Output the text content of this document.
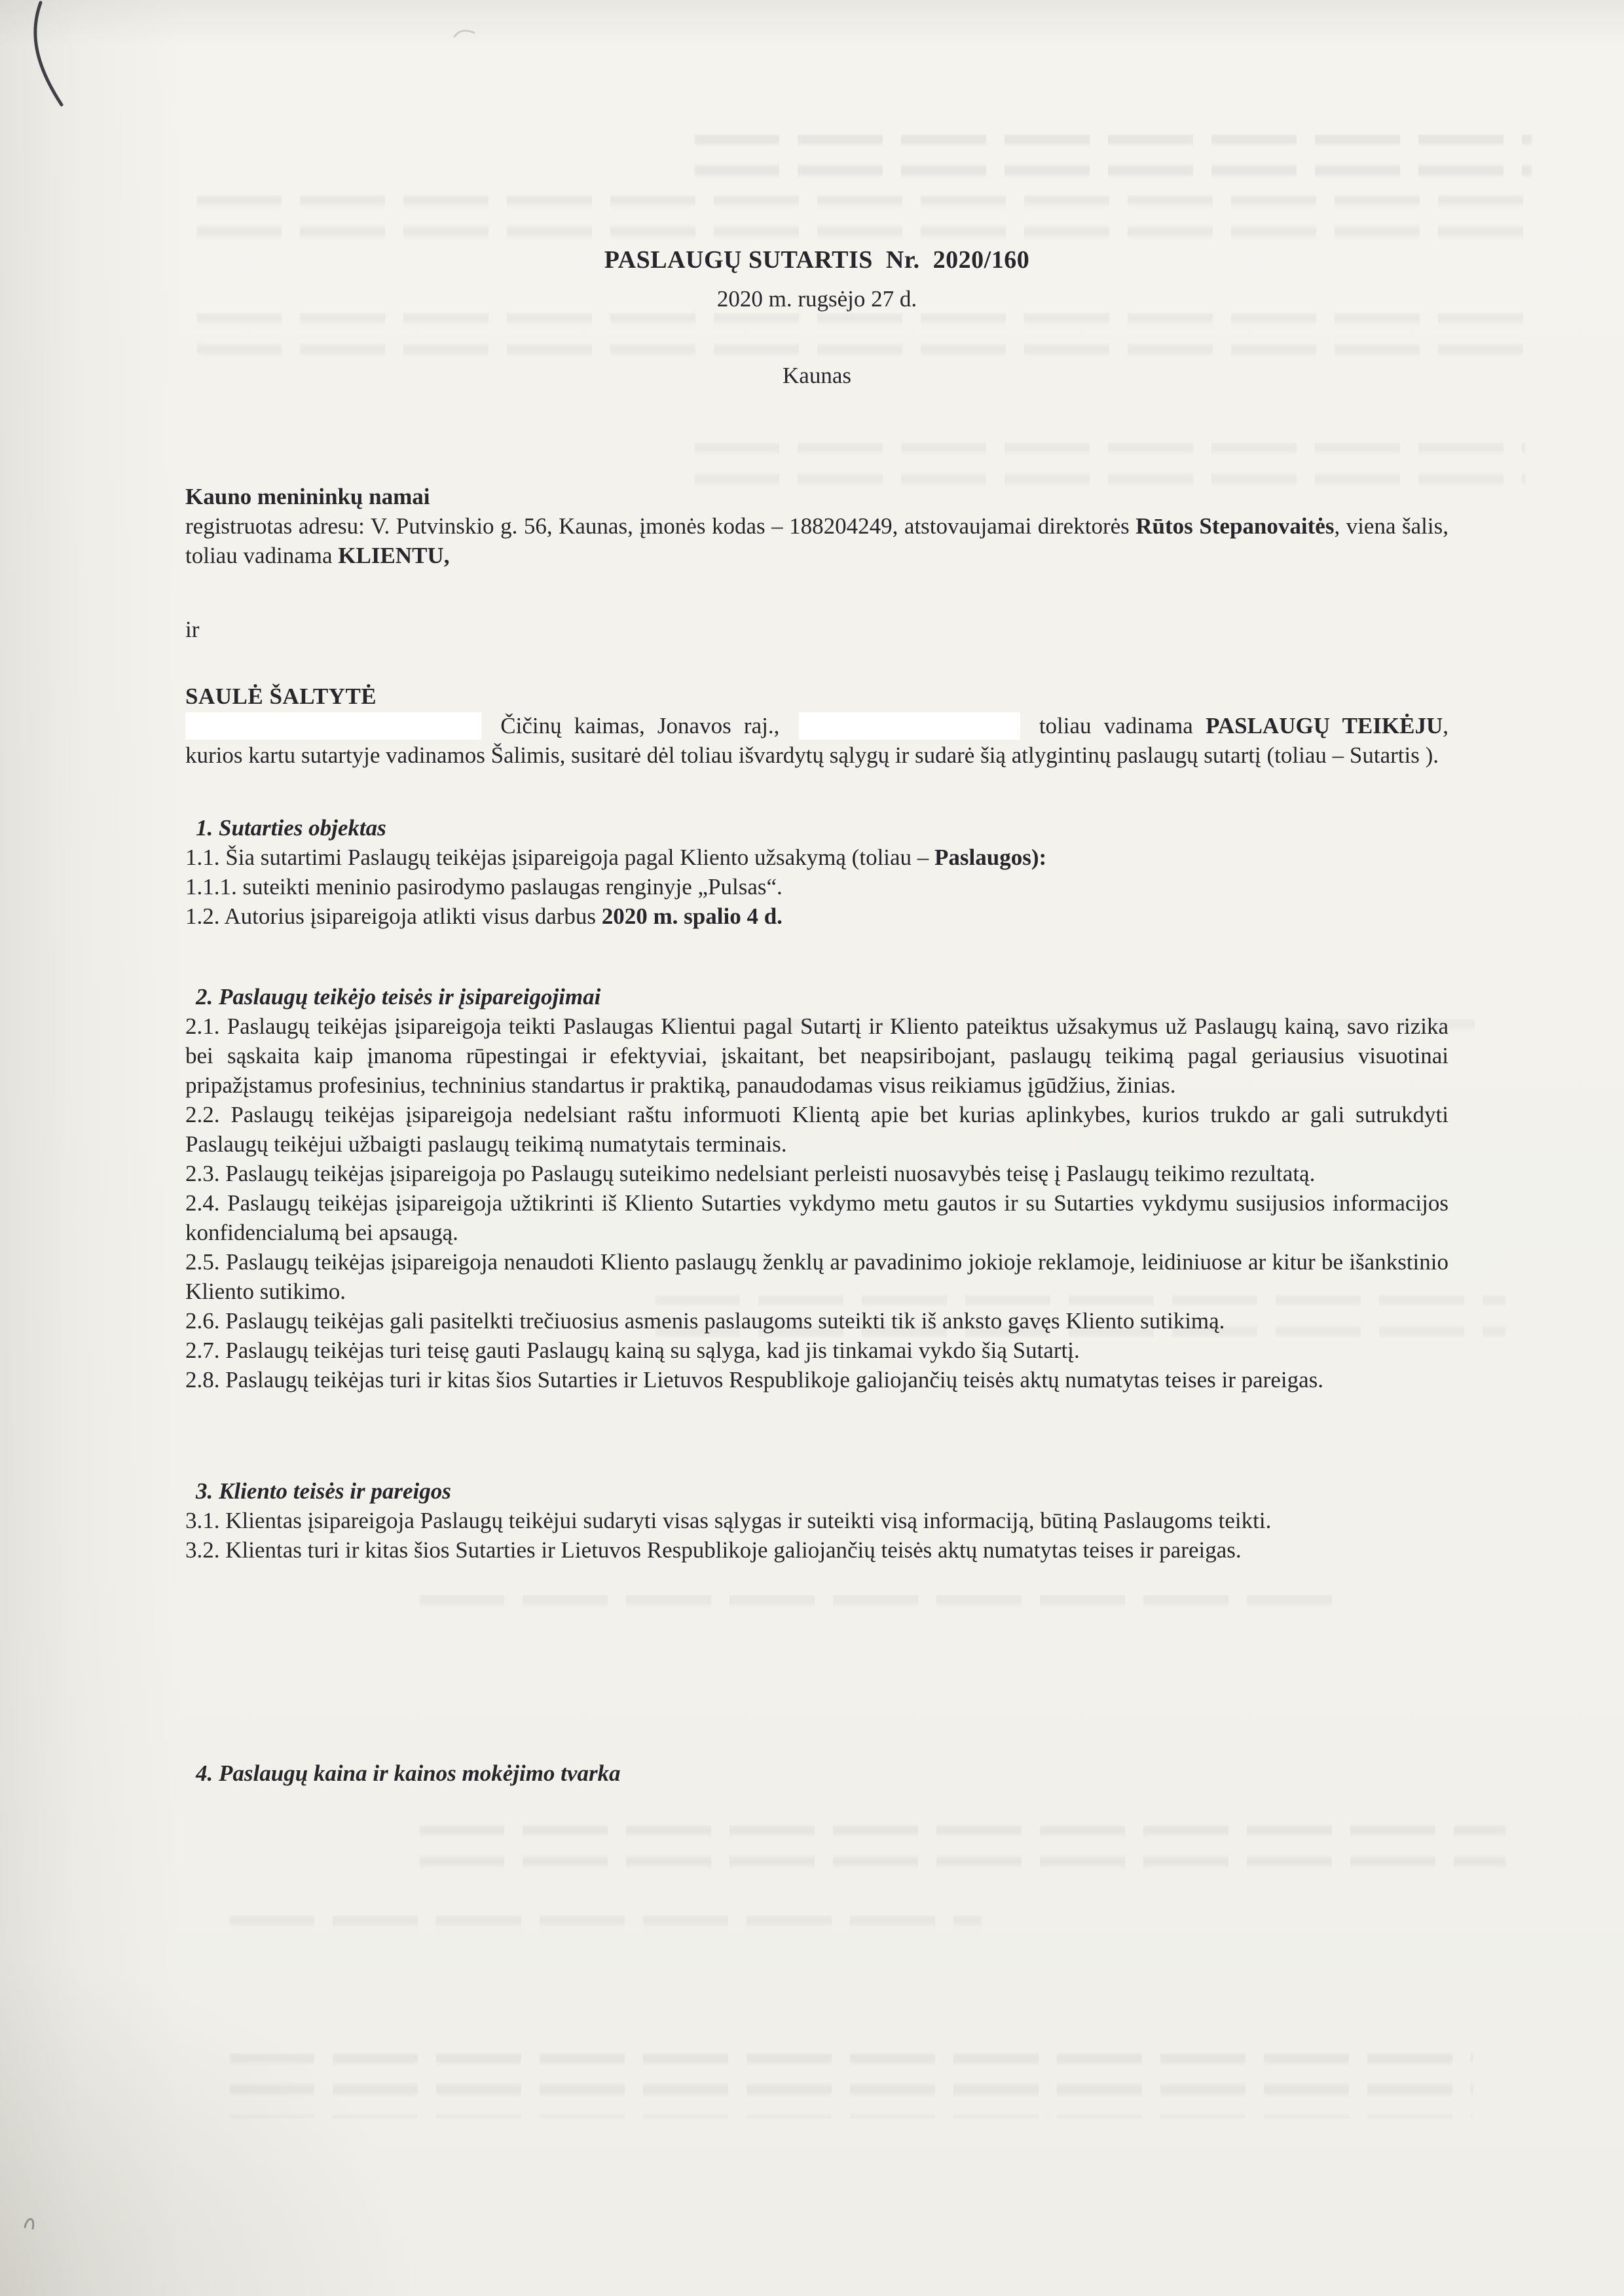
PASLAUGŲ SUTARTIS  Nr.  2020/160

2020 m. rugsėjo 27 d.

Kaunas

Kauno menininkų namai

registruotas adresu: V. Putvinskio g. 56, Kaunas, įmonės kodas – 188204249, atstovaujamai direktorės Rūtos Stepanovaitės, viena šalis, toliau vadinama KLIENTU,

ir

SAULĖ ŠALTYTĖ

Čičinų kaimas, Jonavos raj.,	toliau vadinama PASLAUGŲ TEIKĖJU, kurios kartu sutartyje vadinamos Šalimis, susitarė dėl toliau išvardytų sąlygų ir sudarė šią atlygintinų paslaugų sutartį (toliau – Sutartis ).

1. Sutarties objektas

1.1. Šia sutartimi Paslaugų teikėjas įsipareigoja pagal Kliento užsakymą (toliau – Paslaugos):

1.1.1. suteikti meninio pasirodymo paslaugas renginyje „Pulsas“.

1.2. Autorius įsipareigoja atlikti visus darbus 2020 m. spalio 4 d.

2. Paslaugų teikėjo teisės ir įsipareigojimai

2.1. Paslaugų teikėjas įsipareigoja teikti Paslaugas Klientui pagal Sutartį ir Kliento pateiktus užsakymus už Paslaugų kainą, savo rizika bei sąskaita kaip įmanoma rūpestingai ir efektyviai, įskaitant, bet neapsiribojant, paslaugų teikimą pagal geriausius visuotinai pripažįstamus profesinius, techninius standartus ir praktiką, panaudodamas visus reikiamus įgūdžius, žinias.

2.2. Paslaugų teikėjas įsipareigoja nedelsiant raštu informuoti Klientą apie bet kurias aplinkybes, kurios trukdo ar gali sutrukdyti Paslaugų teikėjui užbaigti paslaugų teikimą numatytais terminais.

2.3. Paslaugų teikėjas įsipareigoja po Paslaugų suteikimo nedelsiant perleisti nuosavybės teisę į Paslaugų teikimo rezultatą.

2.4. Paslaugų teikėjas įsipareigoja užtikrinti iš Kliento Sutarties vykdymo metu gautos ir su Sutarties vykdymu susijusios informacijos konfidencialumą bei apsaugą.

2.5. Paslaugų teikėjas įsipareigoja nenaudoti Kliento paslaugų ženklų ar pavadinimo jokioje reklamoje, leidiniuose ar kitur be išankstinio Kliento sutikimo.

2.6. Paslaugų teikėjas gali pasitelkti trečiuosius asmenis paslaugoms suteikti tik iš anksto gavęs Kliento sutikimą.

2.7. Paslaugų teikėjas turi teisę gauti Paslaugų kainą su sąlyga, kad jis tinkamai vykdo šią Sutartį.

2.8. Paslaugų teikėjas turi ir kitas šios Sutarties ir Lietuvos Respublikoje galiojančių teisės aktų numatytas teises ir pareigas.

3. Kliento teisės ir pareigos

3.1. Klientas įsipareigoja Paslaugų teikėjui sudaryti visas sąlygas ir suteikti visą informaciją, būtiną Paslaugoms teikti.

3.2. Klientas turi ir kitas šios Sutarties ir Lietuvos Respublikoje galiojančių teisės aktų numatytas teises ir pareigas.

4. Paslaugų kaina ir kainos mokėjimo tvarka
